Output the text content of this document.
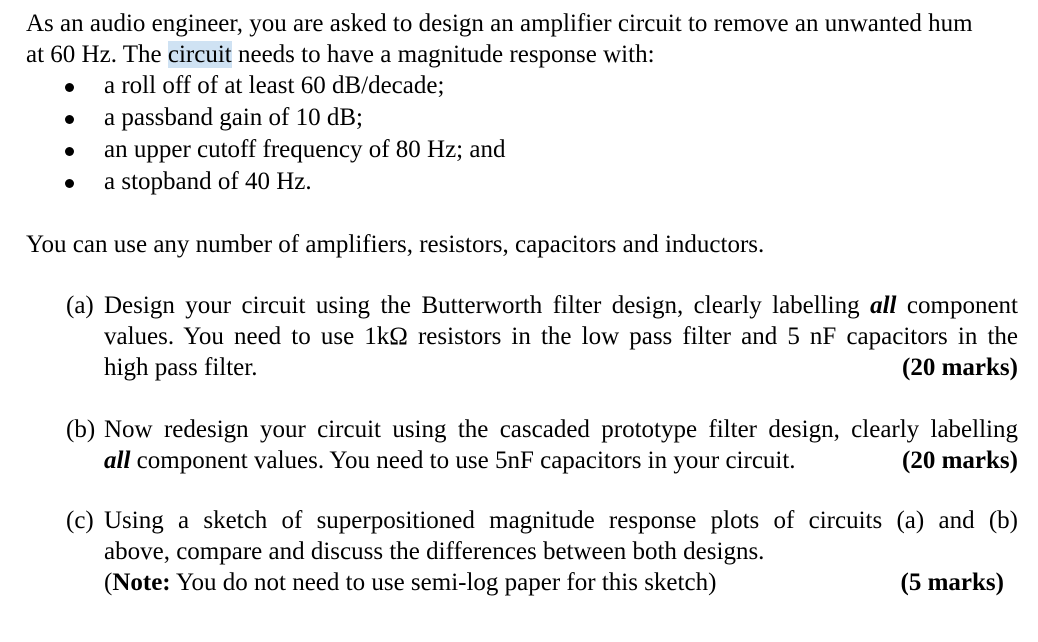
As an audio engineer, you are asked to design an amplifier circuit to remove an unwanted hum

at 60 Hz. The circuit needs to have a magnitude response with:

a roll off of at least 60 dB/decade;
a passband gain of 10 dB;
an upper cutoff frequency of 80 Hz; and
a stopband of 40 Hz.

You can use any number of amplifiers, resistors, capacitors and inductors.

(a) Design your circuit using the Butterworth filter design, clearly labelling all component
values. You need to use 1kΩ resistors in the low pass filter and 5 nF capacitors in the
high pass filter.	(20 marks)
(b) Now redesign your circuit using the cascaded prototype filter design, clearly labelling
all component values. You need to use 5nF capacitors in your circuit.	(20 marks)
(c) Using a sketch of superpositioned magnitude response plots of circuits (a) and (b)
above, compare and discuss the differences between both designs.
(Note: You do not need to use semi-log paper for this sketch)	(5 marks)
